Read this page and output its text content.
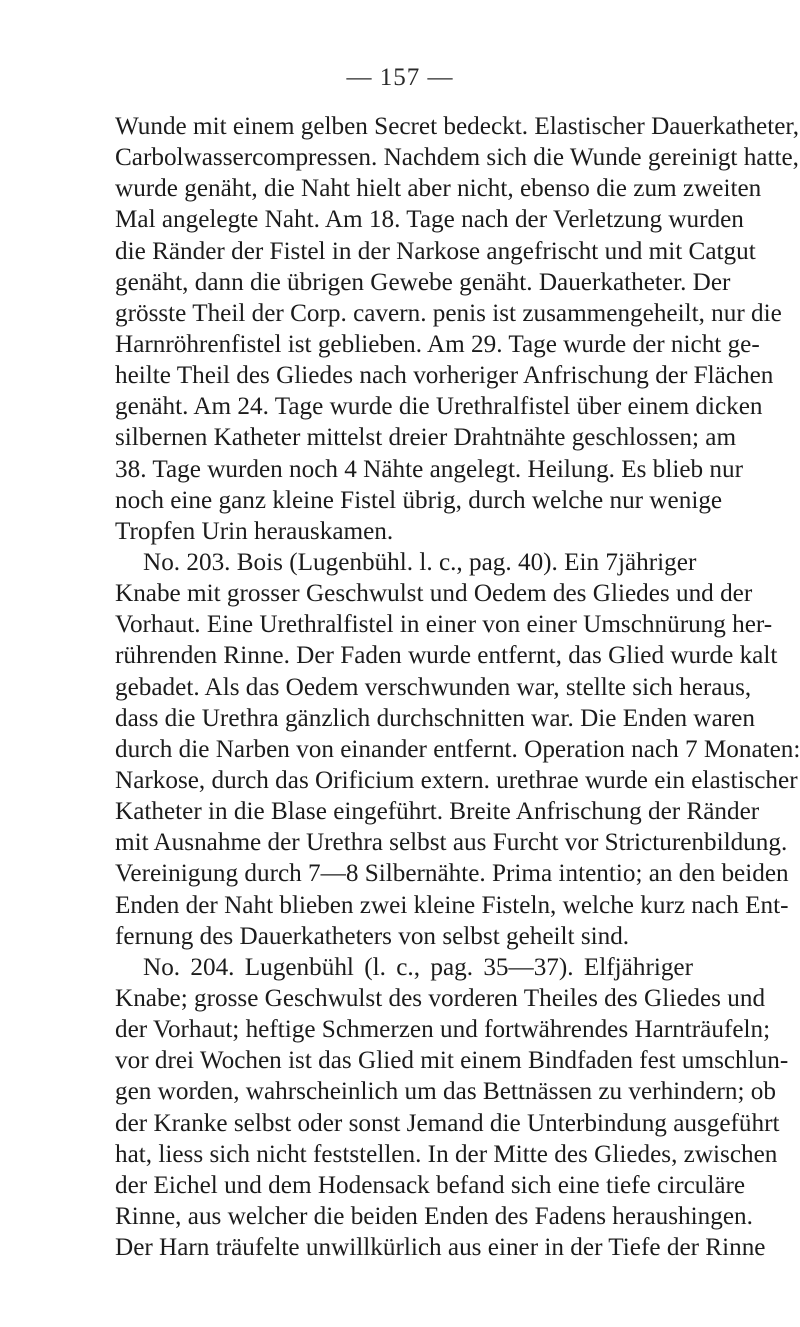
— 157 —
Wunde mit einem gelben Secret bedeckt. Elastischer Dauerkatheter,
Carbolwassercompressen. Nachdem sich die Wunde gereinigt hatte,
wurde genäht, die Naht hielt aber nicht, ebenso die zum zweiten
Mal angelegte Naht. Am 18. Tage nach der Verletzung wurden
die Ränder der Fistel in der Narkose angefrischt und mit Catgut
genäht, dann die übrigen Gewebe genäht. Dauerkatheter. Der
grösste Theil der Corp. cavern. penis ist zusammengeheilt, nur die
Harnröhrenfistel ist geblieben. Am 29. Tage wurde der nicht ge-
heilte Theil des Gliedes nach vorheriger Anfrischung der Flächen
genäht. Am 24. Tage wurde die Urethralfistel über einem dicken
silbernen Katheter mittelst dreier Drahtnähte geschlossen; am
38. Tage wurden noch 4 Nähte angelegt. Heilung. Es blieb nur
noch eine ganz kleine Fistel übrig, durch welche nur wenige
Tropfen Urin herauskamen.
No. 203. Bois (Lugenbühl. l. c., pag. 40). Ein 7jähriger
Knabe mit grosser Geschwulst und Oedem des Gliedes und der
Vorhaut. Eine Urethralfistel in einer von einer Umschnürung her-
rührenden Rinne. Der Faden wurde entfernt, das Glied wurde kalt
gebadet. Als das Oedem verschwunden war, stellte sich heraus,
dass die Urethra gänzlich durchschnitten war. Die Enden waren
durch die Narben von einander entfernt. Operation nach 7 Monaten:
Narkose, durch das Orificium extern. urethrae wurde ein elastischer
Katheter in die Blase eingeführt. Breite Anfrischung der Ränder
mit Ausnahme der Urethra selbst aus Furcht vor Stricturenbildung.
Vereinigung durch 7—8 Silbernähte. Prima intentio; an den beiden
Enden der Naht blieben zwei kleine Fisteln, welche kurz nach Ent-
fernung des Dauerkatheters von selbst geheilt sind.
No. 204. Lugenbühl (l. c., pag. 35—37). Elfjähriger
Knabe; grosse Geschwulst des vorderen Theiles des Gliedes und
der Vorhaut; heftige Schmerzen und fortwährendes Harnträufeln;
vor drei Wochen ist das Glied mit einem Bindfaden fest umschlun-
gen worden, wahrscheinlich um das Bettnässen zu verhindern; ob
der Kranke selbst oder sonst Jemand die Unterbindung ausgeführt
hat, liess sich nicht feststellen. In der Mitte des Gliedes, zwischen
der Eichel und dem Hodensack befand sich eine tiefe circuläre
Rinne, aus welcher die beiden Enden des Fadens heraushingen.
Der Harn träufelte unwillkürlich aus einer in der Tiefe der Rinne
